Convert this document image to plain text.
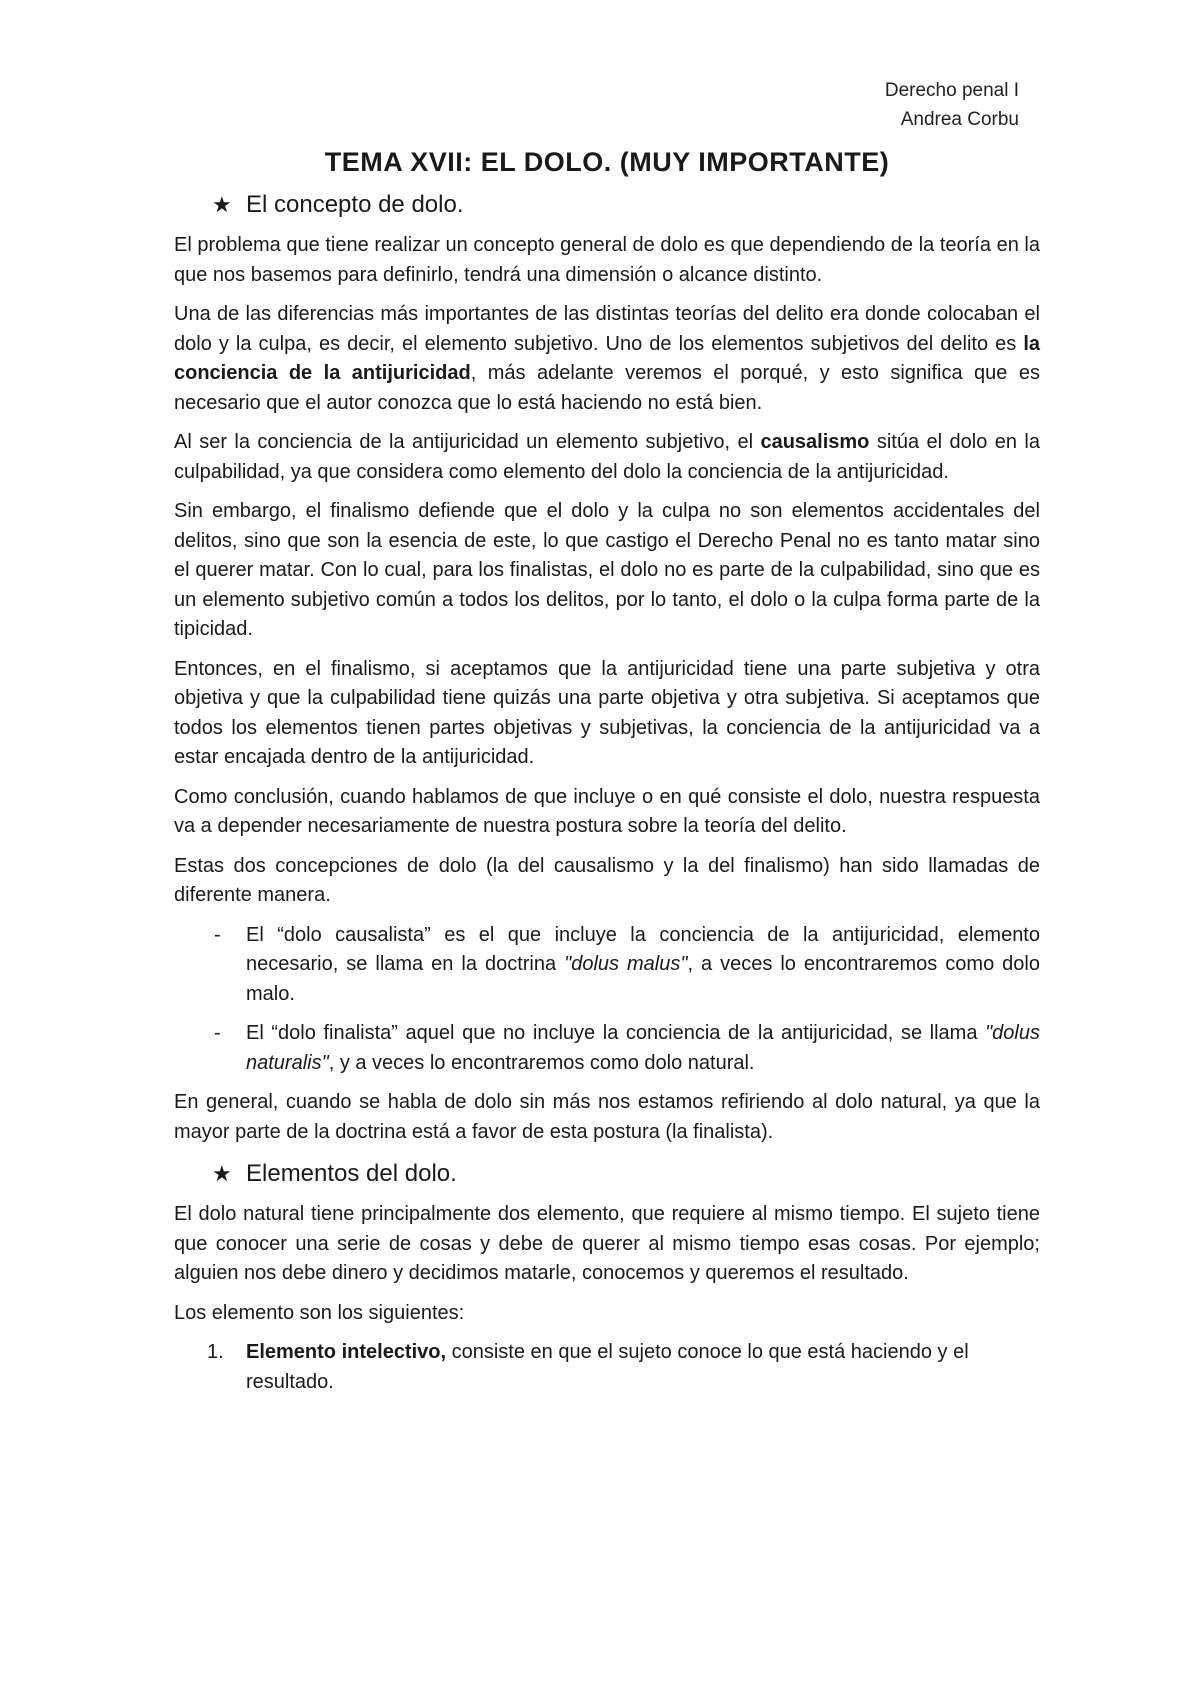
Derecho penal I
Andrea Corbu
TEMA XVII: EL DOLO. (MUY IMPORTANTE)
★ El concepto de dolo.

El problema que tiene realizar un concepto general de dolo es que dependiendo de la teoría en la que nos basemos para definirlo, tendrá una dimensión o alcance distinto.

Una de las diferencias más importantes de las distintas teorías del delito era donde colocaban el dolo y la culpa, es decir, el elemento subjetivo. Uno de los elementos subjetivos del delito es la conciencia de la antijuricidad, más adelante veremos el porqué, y esto significa que es necesario que el autor conozca que lo está haciendo no está bien.

Al ser la conciencia de la antijuricidad un elemento subjetivo, el causalismo sitúa el dolo en la culpabilidad, ya que considera como elemento del dolo la conciencia de la antijuricidad.

Sin embargo, el finalismo defiende que el dolo y la culpa no son elementos accidentales del delitos, sino que son la esencia de este, lo que castigo el Derecho Penal no es tanto matar sino el querer matar. Con lo cual, para los finalistas, el dolo no es parte de la culpabilidad, sino que es un elemento subjetivo común a todos los delitos, por lo tanto, el dolo o la culpa forma parte de la tipicidad.

Entonces, en el finalismo, si aceptamos que la antijuricidad tiene una parte subjetiva y otra objetiva y que la culpabilidad tiene quizás una parte objetiva y otra subjetiva. Si aceptamos que todos los elementos tienen partes objetivas y subjetivas, la conciencia de la antijuricidad va a estar encajada dentro de la antijuricidad.

Como conclusión, cuando hablamos de que incluye o en qué consiste el dolo, nuestra respuesta va a depender necesariamente de nuestra postura sobre la teoría del delito.

Estas dos concepciones de dolo (la del causalismo y la del finalismo) han sido llamadas de diferente manera.

-	El “dolo causalista” es el que incluye la conciencia de la antijuricidad, elemento necesario, se llama en la doctrina "dolus malus", a veces lo encontraremos como dolo malo.
-	El “dolo finalista” aquel que no incluye la conciencia de la antijuricidad, se llama "dolus naturalis", y a veces lo encontraremos como dolo natural.

En general, cuando se habla de dolo sin más nos estamos refiriendo al dolo natural, ya que la mayor parte de la doctrina está a favor de esta postura (la finalista).

★ Elementos del dolo.

El dolo natural tiene principalmente dos elemento, que requiere al mismo tiempo. El sujeto tiene que conocer una serie de cosas y debe de querer al mismo tiempo esas cosas. Por ejemplo; alguien nos debe dinero y decidimos matarle, conocemos y queremos el resultado.

Los elemento son los siguientes:

1.	Elemento intelectivo, consiste en que el sujeto conoce lo que está haciendo y el resultado.
